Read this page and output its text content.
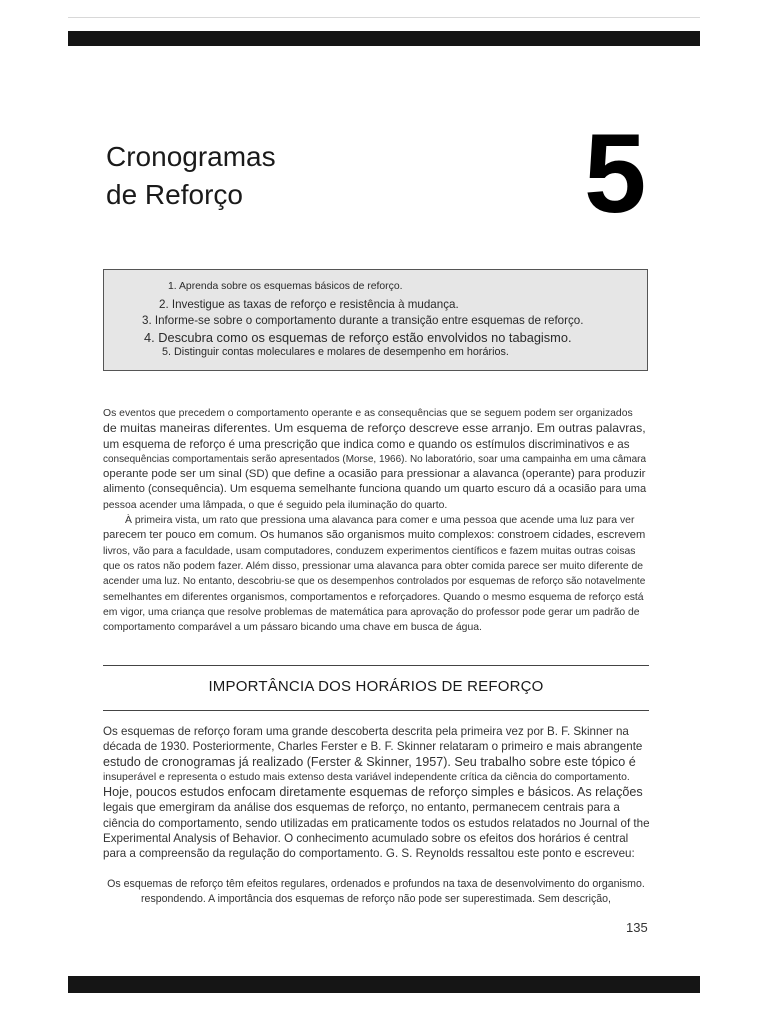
Cronogramas
de Reforço	5
1. Aprenda sobre os esquemas básicos de reforço.
2. Investigue as taxas de reforço e resistência à mudança.
3. Informe-se sobre o comportamento durante a transição entre esquemas de reforço.
4. Descubra como os esquemas de reforço estão envolvidos no tabagismo.
5. Distinguir contas moleculares e molares de desempenho em horários.
Os eventos que precedem o comportamento operante e as consequências que se seguem podem ser organizados
de muitas maneiras diferentes. Um esquema de reforço descreve esse arranjo. Em outras palavras,
um esquema de reforço é uma prescrição que indica como e quando os estímulos discriminativos e as
consequências comportamentais serão apresentados (Morse, 1966). No laboratório, soar uma campainha em uma câmara
operante pode ser um sinal (SD) que define a ocasião para pressionar a alavanca (operante) para produzir
alimento (consequência). Um esquema semelhante funciona quando um quarto escuro dá a ocasião para uma
pessoa acender uma lâmpada, o que é seguido pela iluminação do quarto.
À primeira vista, um rato que pressiona uma alavanca para comer e uma pessoa que acende uma luz para ver
parecem ter pouco em comum. Os humanos são organismos muito complexos: constroem cidades, escrevem
livros, vão para a faculdade, usam computadores, conduzem experimentos científicos e fazem muitas outras coisas
que os ratos não podem fazer. Além disso, pressionar uma alavanca para obter comida parece ser muito diferente de
acender uma luz. No entanto, descobriu-se que os desempenhos controlados por esquemas de reforço são notavelmente
semelhantes em diferentes organismos, comportamentos e reforçadores. Quando o mesmo esquema de reforço está
em vigor, uma criança que resolve problemas de matemática para aprovação do professor pode gerar um padrão de
comportamento comparável a um pássaro bicando uma chave em busca de água.
IMPORTÂNCIA DOS HORÁRIOS DE REFORÇO
Os esquemas de reforço foram uma grande descoberta descrita pela primeira vez por B. F. Skinner na
década de 1930. Posteriormente, Charles Ferster e B. F. Skinner relataram o primeiro e mais abrangente
estudo de cronogramas já realizado (Ferster & Skinner, 1957). Seu trabalho sobre este tópico é
insuperável e representa o estudo mais extenso desta variável independente crítica da ciência do comportamento.
Hoje, poucos estudos enfocam diretamente esquemas de reforço simples e básicos. As relações
legais que emergiram da análise dos esquemas de reforço, no entanto, permanecem centrais para a
ciência do comportamento, sendo utilizadas em praticamente todos os estudos relatados no Journal of the
Experimental Analysis of Behavior. O conhecimento acumulado sobre os efeitos dos horários é central
para a compreensão da regulação do comportamento. G. S. Reynolds ressaltou este ponto e escreveu:
Os esquemas de reforço têm efeitos regulares, ordenados e profundos na taxa de desenvolvimento do organismo.
respondendo. A importância dos esquemas de reforço não pode ser superestimada. Sem descrição,
135
